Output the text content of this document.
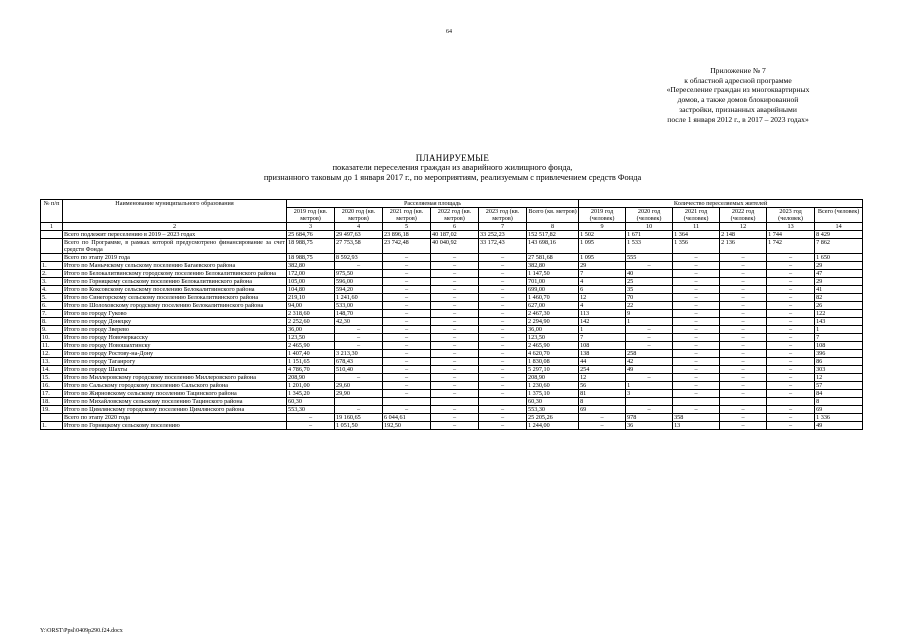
64
Приложение № 7
к областной адресной программе
«Переселение граждан из многоквартирных
домов, а также домов блокированной
застройки, признанных аварийными
после 1 января 2012 г., в 2017 – 2023 годах»
ПЛАНИРУЕМЫЕ
показатели переселения граждан из аварийного жилищного фонда,
признанного таковым до 1 января 2017 г., по мероприятиям, реализуемым с привлечением средств Фонда
№ п/п	Наименование муниципального образования	Расселяемая площадь						Количество переселяемых жителей					
		2019 год (кв. метров)	2020 год (кв. метров)	2021 год (кв. метров)	2022 год (кв. метров)	2023 год (кв. метров)	Всего (кв. метров)	2019 год (человек)	2020 год (человек)	2021 год (человек)	2022 год (человек)	2023 год (человек)	Всего (человек)
1	2	3	4	5	6	7	8	9	10	11	12	13	14
	Всего подлежит переселению в 2019 – 2023 годах	25 684,76	29 497,63	23 896,18	40 187,02	33 252,23	152 517,82	1 502	1 671	1 364	2 148	1 744	8 429
	Всего по Программе, в рамках которой предусмотрено финансирование за счет средств Фонда	18 988,75	27 753,58	23 742,48	40 040,92	33 172,43	143 698,16	1 095	1 533	1 356	2 136	1 742	7 862
	Всего по этапу 2019 года	18 988,75	8 592,93	–	–	–	27 581,68	1 095	555	–	–	–	1 650
1.	Итого по Манычскому сельскому поселению Багаевского района	382,80	–	–	–	–	382,80	29	–	–	–	–	29
2.	Итого по Белокалитвинскому городскому поселению Белокалитвинского района	172,00	975,50	–	–	–	1 147,50	7	40	–	–	–	47
3.	Итого по Горняцкому сельскому поселению Белокалитвинского района	105,00	596,00	–	–	–	701,00	4	25	–	–	–	29
4.	Итого по Коксовскому сельскому поселению Белокалитвинского района	104,80	594,20	–	–	–	699,00	6	35	–	–	–	41
5.	Итого по Синегорскому сельскому поселению Белокалитвинского района	219,10	1 241,60	–	–	–	1 460,70	12	70	–	–	–	82
6.	Итого по Шолоховскому городскому поселению Белокалитвинского района	94,00	533,00	–	–	–	627,00	4	22	–	–	–	26
7.	Итого по городу Гуково	2 318,60	148,70	–	–	–	2 467,30	113	9	–	–	–	122
8.	Итого по городу Донецку	2 252,60	42,30	–	–	–	2 294,90	142	1	–	–	–	143
9.	Итого по городу Зверево	36,00	–	–	–	–	36,00	1	–	–	–	–	1
10.	Итого по городу Новочеркасску	123,50	–	–	–	–	123,50	7	–	–	–	–	7
11.	Итого по городу Новошахтинску	2 465,90	–	–	–	–	2 465,90	108	–	–	–	–	108
12.	Итого по городу Ростову-на-Дону	1 407,40	3 213,30	–	–	–	4 620,70	138	258	–	–	–	396
13.	Итого по городу Таганрогу	1 151,65	678,43	–	–	–	1 830,08	44	42	–	–	–	86
14.	Итого по городу Шахты	4 786,70	510,40	–	–	–	5 297,10	254	49	–	–	–	303
15.	Итого по Миллеровскому городскому поселению Миллеровского района	208,90	–	–	–	–	208,90	12	–	–	–	–	12
16.	Итого по Сальскому городскому поселению Сальского района	1 201,00	29,60	–	–	–	1 230,60	56	1	–	–	–	57
17.	Итого по Жирновскому сельскому поселению Тацинского района	1 345,20	29,90	–	–	–	1 375,10	81	3	–	–	–	84
18.	Итого по Михайловскому сельскому поселению Тацинского района	60,30					60,30	8					8
19.	Итого по Цимлянскому городскому поселению Цимлянского района	553,30	–	–	–	–	553,30	69	–	–	–	–	69
	Всего по этапу 2020 года	–	19 160,65	6 044,61	–	–	25 205,26	–	978	358	–	–	1 336
1.	Итого по Горняцкому сельскому поселению	–	1 051,50	192,50	–	–	1 244,00	–	36	13	–	–	49
Y:\ORST\Ppsl\0409p290.f24.docx
